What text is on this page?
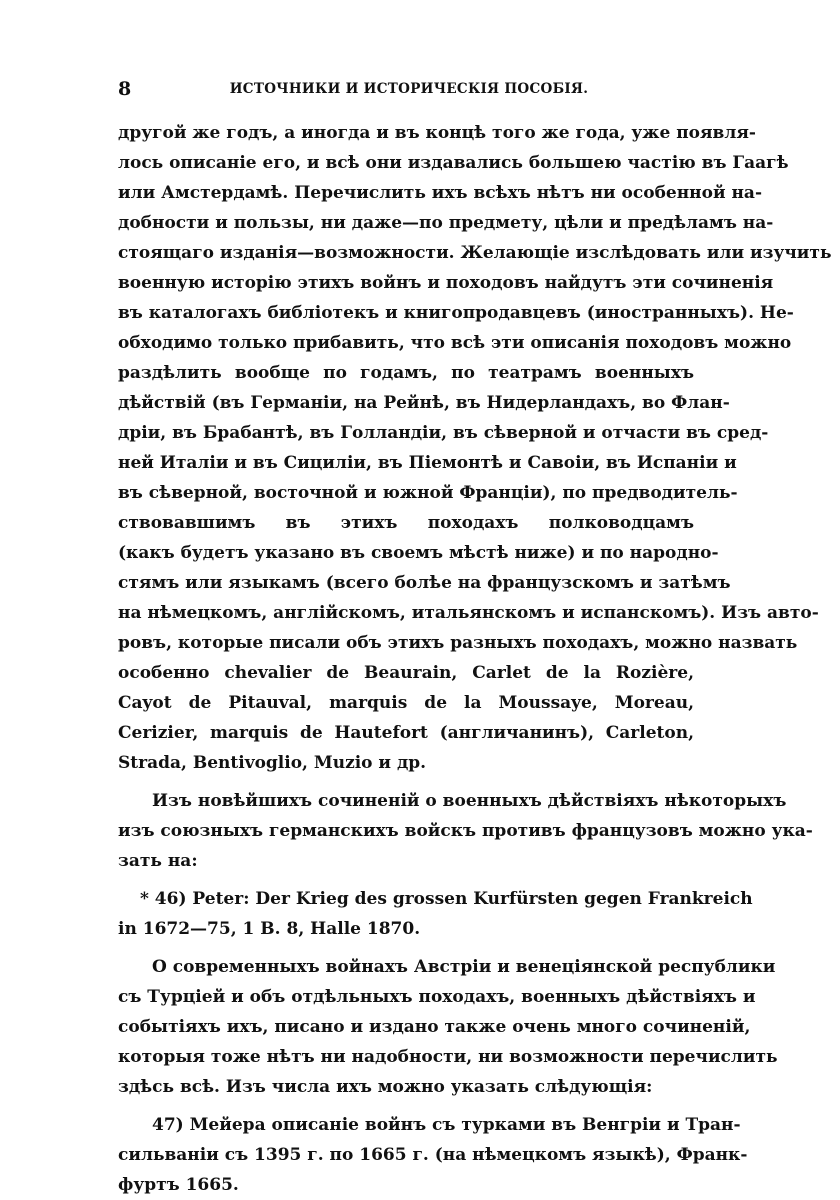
8	ИСТОЧНИКИ И ИСТОРИЧЕСКІЯ ПОСОБІЯ.
другой же годъ, а иногда и въ концѣ того же года, уже появля-
лось описаніе его, и всѣ они издавались большею частію въ Гаагѣ
или Амстердамѣ. Перечислить ихъ всѣхъ нѣтъ ни особенной на-
добности и пользы, ни даже—по предмету, цѣли и предѣламъ на-
стоящаго изданія—возможности. Желающіе изслѣдовать или изучить
военную исторію этихъ войнъ и походовъ найдутъ эти сочиненія
въ каталогахъ библіотекъ и книгопродавцевъ (иностранныхъ). Не-
обходимо только прибавить, что всѣ эти описанія походовъ можно
раздѣлить вообще по годамъ, по театрамъ военныхъ
дѣйствій (въ Германіи, на Рейнѣ, въ Нидерландахъ, во Флан-
дріи, въ Брабантѣ, въ Голландіи, въ сѣверной и отчасти въ сред-
ней Италіи и въ Сициліи, въ Піемонтѣ и Савоіи, въ Испаніи и
въ сѣверной, восточной и южной Франціи), по предводитель-
ствовавшимъ въ этихъ походахъ полководцамъ
(какъ будетъ указано въ своемъ мѣстѣ ниже) и по народно-
стямъ или языкамъ (всего болѣе на французскомъ и затѣмъ
на нѣмецкомъ, англійскомъ, итальянскомъ и испанскомъ). Изъ авто-
ровъ, которые писали объ этихъ разныхъ походахъ, можно назвать
особенно chevalier de Beaurain, Carlet de la Rozière,
Cayot de Pitauval, marquis de la Moussaye, Moreau,
Cerizier, marquis de Hautefort (англичанинъ), Carleton,
Strada, Bentivoglio, Muzio и др.
Изъ новѣйшихъ сочиненій о военныхъ дѣйствіяхъ нѣкоторыхъ
изъ союзныхъ германскихъ войскъ противъ французовъ можно ука-
зать на:
* 46) Peter: Der Krieg des grossen Kurfürsten gegen Frankreich
in 1672—75, 1 B. 8, Halle 1870.
О современныхъ войнахъ Австріи и венеціянской республики
съ Турціей и объ отдѣльныхъ походахъ, военныхъ дѣйствіяхъ и
событіяхъ ихъ, писано и издано также очень много сочиненій,
которыя тоже нѣтъ ни надобности, ни возможности перечислить
здѣсь всѣ. Изъ числа ихъ можно указать слѣдующія:
47) Мейера описаніе войнъ съ турками въ Венгріи и Тран-
сильваніи съ 1395 г. по 1665 г. (на нѣмецкомъ языкѣ), Франк-
фуртъ 1665.
